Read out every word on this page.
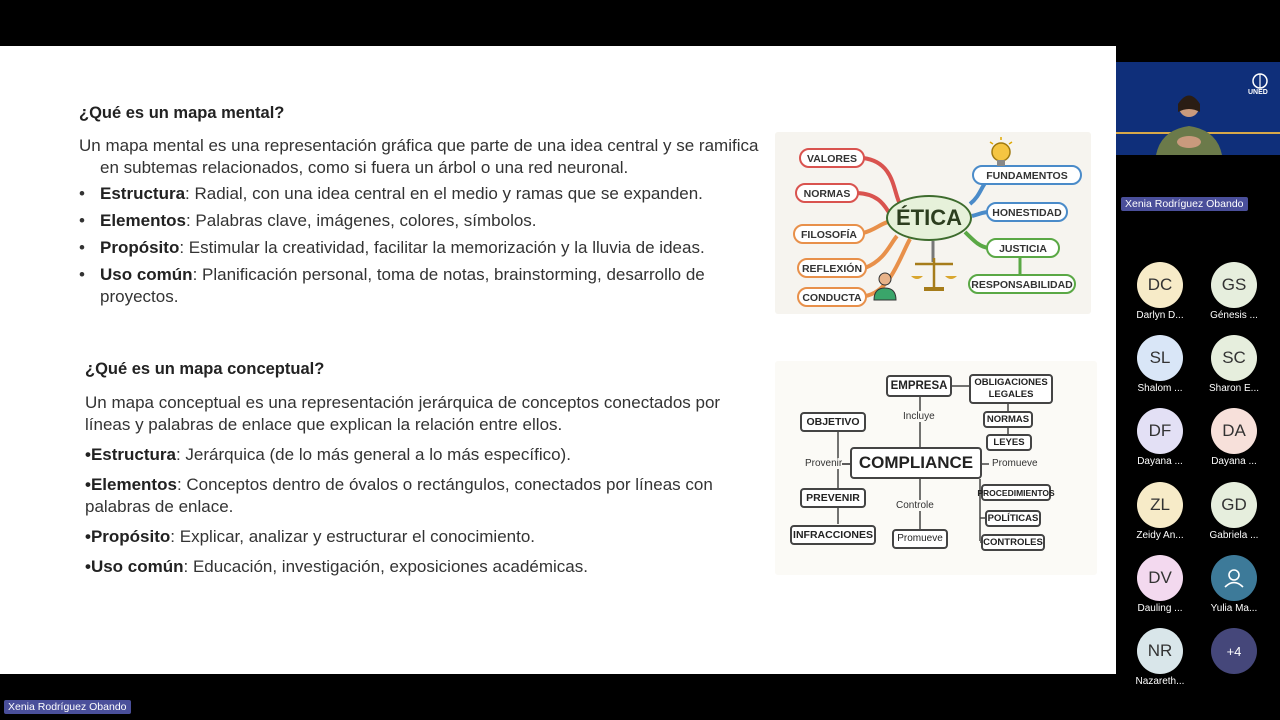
¿Qué es un mapa mental?

Un mapa mental es una representación gráfica que parte de una idea central y se ramifica en subtemas relacionados, como si fuera un árbol o una red neuronal.

• Estructura: Radial, con una idea central en el medio y ramas que se expanden.
• Elementos: Palabras clave, imágenes, colores, símbolos.
• Propósito: Estimular la creatividad, facilitar la memorización y la lluvia de ideas.
• Uso común: Planificación personal, toma de notas, brainstorming, desarrollo de proyectos.
¿Qué es un mapa conceptual?

Un mapa conceptual es una representación jerárquica de conceptos conectados por líneas y palabras de enlace que explican la relación entre ellos.

•Estructura: Jerárquica (de lo más general a lo más específico).

•Elementos: Conceptos dentro de óvalos o rectángulos, conectados por líneas con palabras de enlace.

•Propósito: Explicar, analizar y estructurar el conocimiento.

•Uso común: Educación, investigación, exposiciones académicas.

ÉTICA
VALORES
NORMAS
FILOSOFÍA
REFLEXIÓN
CONDUCTA
FUNDAMENTOS
HONESTIDAD
JUSTICIA
RESPONSABILIDAD
EMPRESA	OBLIGACIONES LEGALES
NORMAS
LEYES
OBJETIVO
COMPLIANCE
PREVENIR
INFRACCIONES
PROCEDIMIENTOS
POLÍTICAS
CONTROLES
Promueve
Incluye
Provenir	Promueve
Controle
UNED
Xenia Rodríguez Obando
DC
Darlyn D...
GS
Génesis ...
SL
Shalom ...
SC
Sharon E...
DF
Dayana ...
DA
Dayana ...
ZL
Zeidy An...
GD
Gabriela ...
DV
Dauling ...	Yulia Ma...
NR
Nazareth...
+4
Xenia Rodríguez Obando
